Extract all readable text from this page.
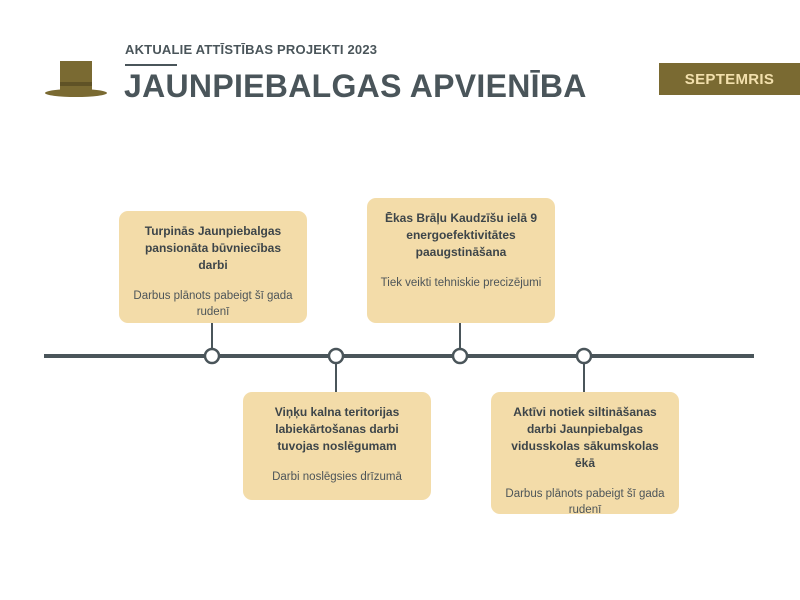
AKTUALIE ATTĪSTĪBAS PROJEKTI 2023
JAUNPIEBALGAS APVIENĪBA	SEPTEMRIS
Turpinās Jaunpiebalgas pansionāta būvniecības darbi
Darbus plānots pabeigt šī gada rudenī
Viņķu kalna teritorijas labiekārtošanas darbi tuvojas noslēgumam
Darbi noslēgsies drīzumā
Ēkas Brāļu Kaudzīšu ielā 9 energoefektivitātes paaugstināšana
Tiek veikti tehniskie precizējumi
Aktīvi notiek siltināšanas darbi Jaunpiebalgas vidusskolas sākumskolas ēkā
Darbus plānots pabeigt šī gada rudenī
